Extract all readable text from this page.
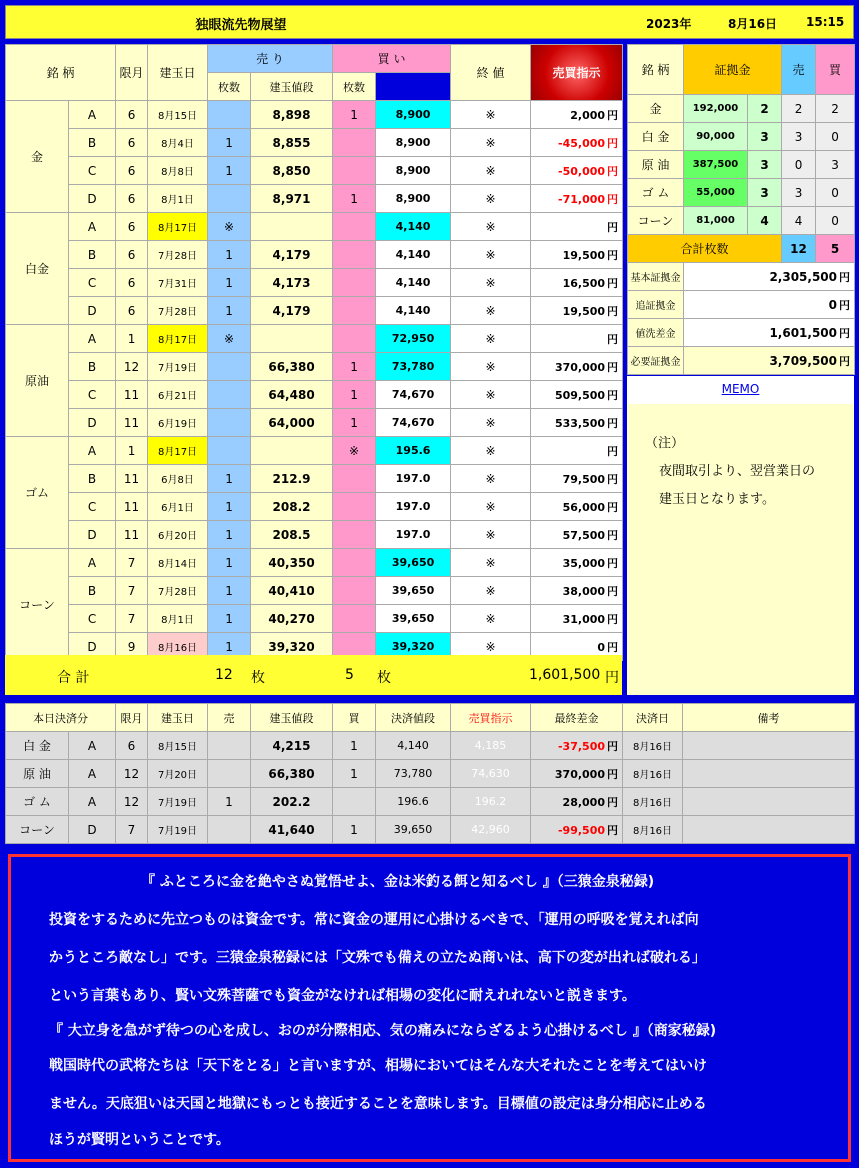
独眼流先物展望	2023年	8月16日 15:15
銘 柄		限月	建玉日	売 り		買 い		終 値	売買指示	
				枚数	建玉値段	枚数				
金	A	6	8月15日		8,898	1	8,900	※	2,000 円	
	B	6	8月4日	1	8,855		8,900	※	-45,000 円	
	C	6	8月8日	1	8,850		8,900	※	-50,000 円	
	D	6	8月1日		8,971	1	8,900	※	-71,000 円	
白金	A	6	8月17日	※			4,140	※	円	
	B	6	7月28日	1	4,179		4,140	※	19,500 円	
	C	6	7月31日	1	4,173		4,140	※	16,500 円	
	D	6	7月28日	1	4,179		4,140	※	19,500 円	
原油	A	1	8月17日	※			72,950	※	円	
	B	12	7月19日		66,380	1	73,780	※	370,000 円	
	C	11	6月21日		64,480	1	74,670	※	509,500 円	
	D	11	6月19日		64,000	1	74,670	※	533,500 円	
ゴム	A	1	8月17日			※	195.6	※	円	
	B	11	6月8日	1	212.9		197.0	※	79,500 円	
	C	11	6月1日	1	208.2		197.0	※	56,000 円	
	D	11	6月20日	1	208.5		197.0	※	57,500 円	
コーン	A	7	8月14日	1	40,350		39,650	※	35,000 円	
	B	7	7月28日	1	40,410		39,650	※	38,000 円	
	C	7	8月1日	1	40,270		39,650	※	31,000 円	
	D	9	8月16日	1	39,320		39,320	※	0 円	
合 計	12 枚	5 枚	1,601,500 円
銘 柄	証拠金		売	買
金	192,000	2	2	2
白 金	90,000	3	3	0
原 油	387,500	3	0	3
ゴ ム	55,000	3	3	0
コーン	81,000	4	4	0
合計枚数			12	5
基本証拠金	2,305,500 円			
追証拠金	0 円			
値洗差金	1,601,500 円			
必要証拠金	3,709,500 円			
MEMO
（注）
夜間取引より、翌営業日の
建玉日となります。
本日決済分		限月	建玉日	売	建玉値段	買	決済値段	売買指示	最終差金	決済日	備考
白 金	A	6	8月15日		4,215	1	4,140	4,185	-37,500 円	8月16日	
原 油	A	12	7月20日		66,380	1	73,780	74,630	370,000 円	8月16日	
ゴ ム	A	12	7月19日	1	202.2		196.6	196.2	28,000 円	8月16日	
コーン	D	7	7月19日		41,640	1	39,650	42,960	-99,500 円	8月16日	
『 ふところに金を絶やさぬ覚悟せよ、金は米釣る餌と知るべし 』（三猿金泉秘録)
投資をするために先立つものは資金です。常に資金の運用に心掛けるべきで、「運用の呼吸を覚えれば向
かうところ敵なし」です。三猿金泉秘録には「文殊でも備えの立たぬ商いは、高下の変が出れば破れる」
という言葉もあり、賢い文殊菩薩でも資金がなければ相場の変化に耐えれれないと説きます。
『 大立身を急がず待つの心を成し、おのが分際相応、気の痛みにならざるよう心掛けるべし 』（商家秘録)
戦国時代の武将たちは「天下をとる」と言いますが、相場においてはそんな大それたことを考えてはいけ
ません。天底狙いは天国と地獄にもっとも接近することを意味します。目標値の設定は身分相応に止める
ほうが賢明ということです。
